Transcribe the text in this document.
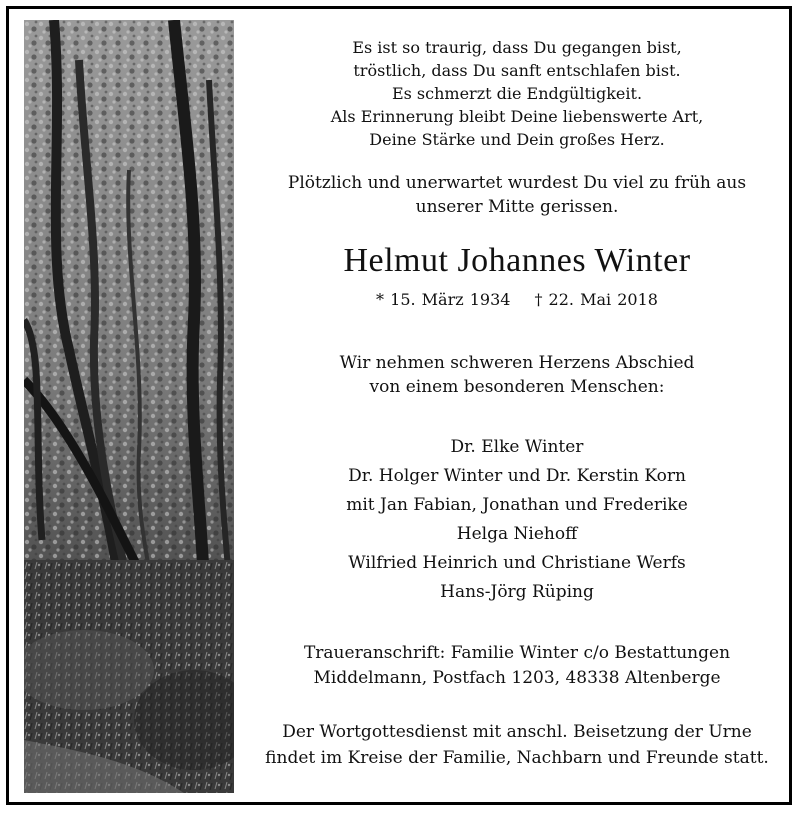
Es ist so traurig, dass Du gegangen bist,
tröstlich, dass Du sanft entschlafen bist.
Es schmerzt die Endgültigkeit.
Als Erinnerung bleibt Deine liebenswerte Art,
Deine Stärke und Dein großes Herz.
Plötzlich und unerwartet wurdest Du viel zu früh aus
unserer Mitte gerissen.
Helmut Johannes Winter
* 15. März 1934 † 22. Mai 2018
Wir nehmen schweren Herzens Abschied
von einem besonderen Menschen:
Dr. Elke Winter
Dr. Holger Winter und Dr. Kerstin Korn
mit Jan Fabian, Jonathan und Frederike
Helga Niehoff
Wilfried Heinrich und Christiane Werfs
Hans-Jörg Rüping
Traueranschrift: Familie Winter c/o Bestattungen
Middelmann, Postfach 1203, 48338 Altenberge
Der Wortgottesdienst mit anschl. Beisetzung der Urne
findet im Kreise der Familie, Nachbarn und Freunde statt.
